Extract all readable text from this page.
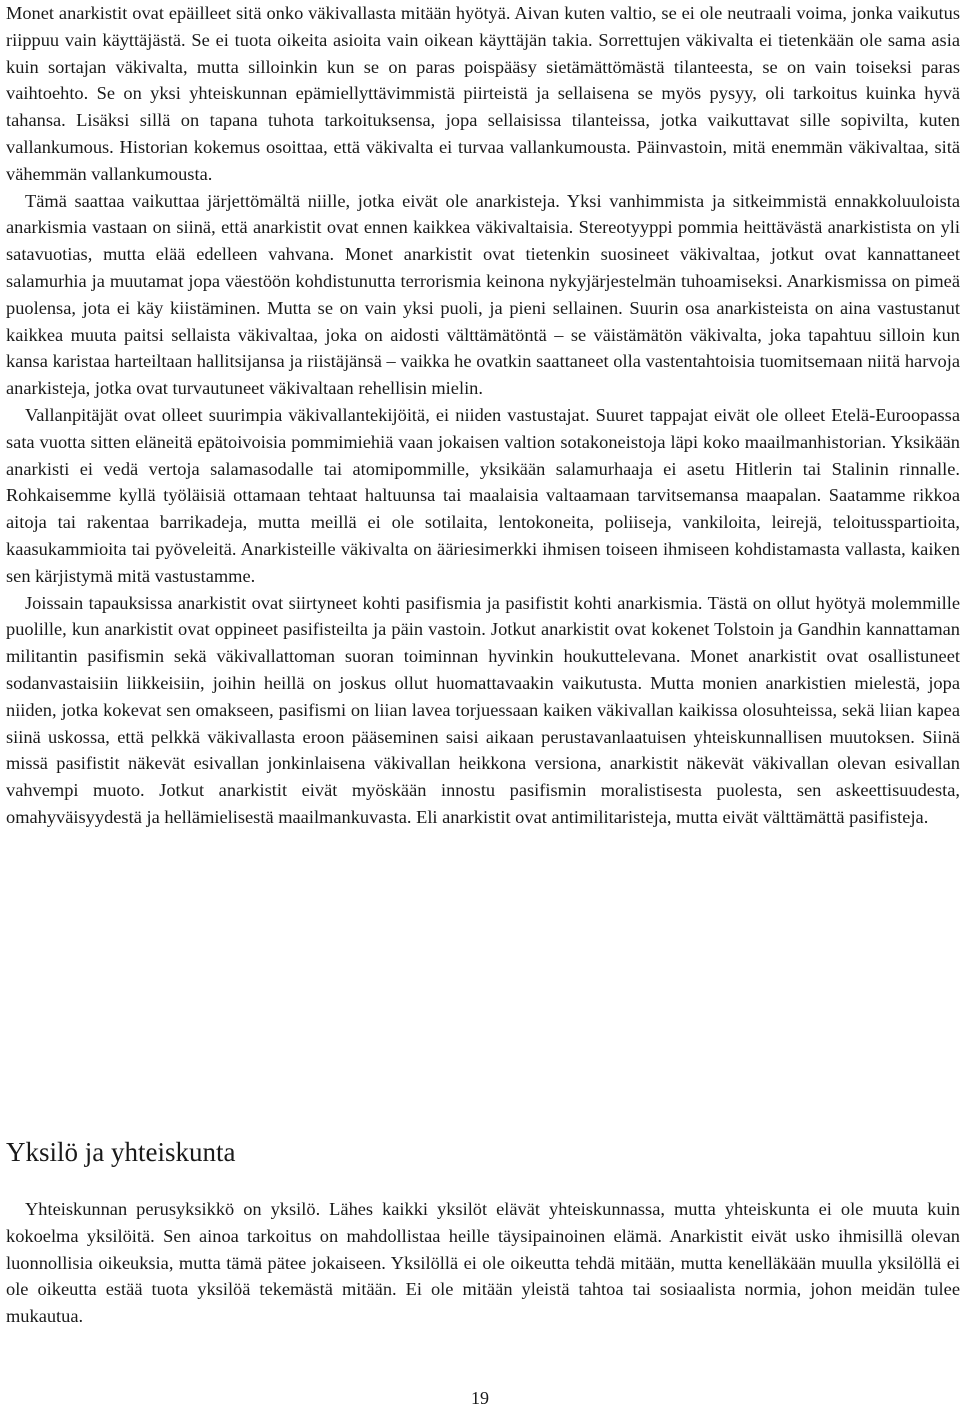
Monet anarkistit ovat epäilleet sitä onko väkivallasta mitään hyötyä. Aivan kuten valtio, se ei ole neutraali voima, jonka vaikutus riippuu vain käyttäjästä. Se ei tuota oikeita asioita vain oikean käyttäjän takia. Sorrettujen väkivalta ei tietenkään ole sama asia kuin sortajan väkivalta, mutta silloinkin kun se on paras poispääsy sietämättömästä tilanteesta, se on vain toiseksi paras vaihtoehto. Se on yksi yhteiskunnan epämiellyttävimmistä piirteistä ja sellaisena se myös pysyy, oli tarkoitus kuinka hyvä tahansa. Lisäksi sillä on tapana tuhota tarkoituksensa, jopa sellaisissa tilanteissa, jotka vaikuttavat sille sopivilta, kuten vallankumous. Historian kokemus osoittaa, että väkivalta ei turvaa vallankumousta. Päinvastoin, mitä enemmän väkivaltaa, sitä vähemmän vallankumousta.

Tämä saattaa vaikuttaa järjettömältä niille, jotka eivät ole anarkisteja. Yksi vanhimmista ja sitkeimmistä ennakkoluuloista anarkismia vastaan on siinä, että anarkistit ovat ennen kaikkea väkivaltaisia. Stereotyyppi pommia heittävästä anarkistista on yli satavuotias, mutta elää edelleen vahvana. Monet anarkistit ovat tietenkin suosineet väkivaltaa, jotkut ovat kannattaneet salamurhia ja muutamat jopa väestöön kohdistunutta terrorismia keinona nykyjärjestelmän tuhoamiseksi. Anarkismissa on pimeä puolensa, jota ei käy kiistäminen. Mutta se on vain yksi puoli, ja pieni sellainen. Suurin osa anarkisteista on aina vastustanut kaikkea muuta paitsi sellaista väkivaltaa, joka on aidosti välttämätöntä – se väistämätön väkivalta, joka tapahtuu silloin kun kansa karistaa harteiltaan hallitsijansa ja riistäjänsä – vaikka he ovatkin saattaneet olla vastentahtoisia tuomitsemaan niitä harvoja anarkisteja, jotka ovat turvautuneet väkivaltaan rehellisin mielin.

Vallanpitäjät ovat olleet suurimpia väkivallantekijöitä, ei niiden vastustajat. Suuret tappajat eivät ole olleet Etelä-Euroopassa sata vuotta sitten eläneitä epätoivoisia pommimiehiä vaan jokaisen valtion sotakoneistoja läpi koko maailmanhistorian. Yksikään anarkisti ei vedä vertoja salamasodalle tai atomipommille, yksikään salamurhaaja ei asetu Hitlerin tai Stalinin rinnalle. Rohkaisemme kyllä työläisiä ottamaan tehtaat haltuunsa tai maalaisia valtaamaan tarvitsemansa maapalan. Saatamme rikkoa aitoja tai rakentaa barrikadeja, mutta meillä ei ole sotilaita, lentokoneita, poliiseja, vankiloita, leirejä, teloitusspartioita, kaasukammioita tai pyöveleitä. Anarkisteille väkivalta on ääriesimerkki ihmisen toiseen ihmiseen kohdistamasta vallasta, kaiken sen kärjistymä mitä vastustamme.

Joissain tapauksissa anarkistit ovat siirtyneet kohti pasifismia ja pasifistit kohti anarkismia. Tästä on ollut hyötyä molemmille puolille, kun anarkistit ovat oppineet pasifisteilta ja päin vastoin. Jotkut anarkistit ovat kokenet Tolstoin ja Gandhin kannattaman militantin pasifismin sekä väkivallattoman suoran toiminnan hyvinkin houkuttelevana. Monet anarkistit ovat osallistuneet sodanvastaisiin liikkeisiin, joihin heillä on joskus ollut huomattavaakin vaikutusta. Mutta monien anarkistien mielestä, jopa niiden, jotka kokevat sen omakseen, pasifismi on liian lavea torjuessaan kaiken väkivallan kaikissa olosuhteissa, sekä liian kapea siinä uskossa, että pelkkä väkivallasta eroon pääseminen saisi aikaan perustavanlaatuisen yhteiskunnallisen muutoksen. Siinä missä pasifistit näkevät esivallan jonkinlaisena väkivallan heikkona versiona, anarkistit näkevät väkivallan olevan esivallan vahvempi muoto. Jotkut anarkistit eivät myöskään innostu pasifismin moralistisesta puolesta, sen askeettisuudesta, omahyväisyydestä ja hellämielisestä maailmankuvasta. Eli anarkistit ovat antimilitaristeja, mutta eivät välttämättä pasifisteja.

Yksilö ja yhteiskunta

Yhteiskunnan perusyksikkö on yksilö. Lähes kaikki yksilöt elävät yhteiskunnassa, mutta yhteiskunta ei ole muuta kuin kokoelma yksilöitä. Sen ainoa tarkoitus on mahdollistaa heille täysipainoinen elämä. Anarkistit eivät usko ihmisillä olevan luonnollisia oikeuksia, mutta tämä pätee jokaiseen. Yksilöllä ei ole oikeutta tehdä mitään, mutta kenelläkään muulla yksilöllä ei ole oikeutta estää tuota yksilöä tekemästä mitään. Ei ole mitään yleistä tahtoa tai sosiaalista normia, johon meidän tulee mukautua.

19
